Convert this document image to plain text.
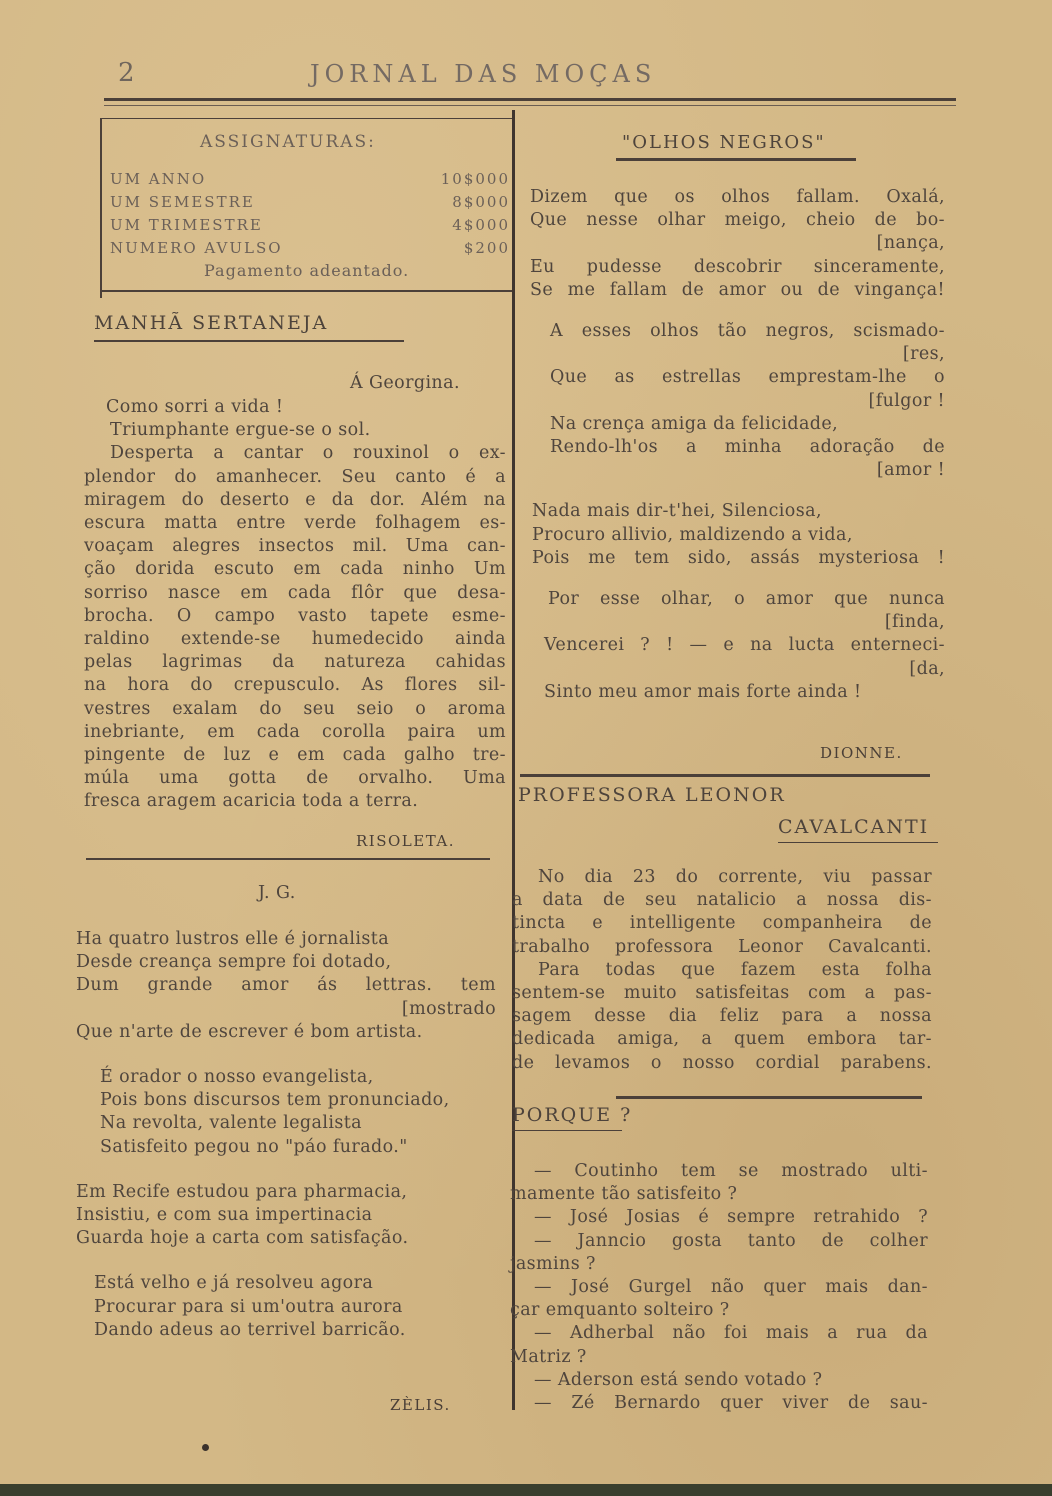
2	JORNAL DAS MOÇAS
ASSIGNATURAS:
UM ANNO	10$000
UM SEMESTRE	8$000
UM TRIMESTRE	4$000
NUMERO AVULSO	$200
Pagamento adeantado.
MANHÃ SERTANEJA
Á Georgina.
Como sorri a vida !
Triumphante ergue-se o sol.
Desperta a cantar o rouxinol o ex-
plendor do amanhecer. Seu canto é a
miragem do deserto e da dor. Além na
escura matta entre verde folhagem es-
voaçam alegres insectos mil. Uma can-
ção dorida escuto em cada ninho Um
sorriso nasce em cada flôr que desa-
brocha. O campo vasto tapete esme-
raldino extende-se humedecido ainda
pelas lagrimas da natureza cahidas
na hora do crepusculo. As flores sil-
vestres exalam do seu seio o aroma
inebriante, em cada corolla paira um
pingente de luz e em cada galho tre-
múla uma gotta de orvalho. Uma
fresca aragem acaricia toda a terra.
RISOLETA.
J. G.
Ha quatro lustros elle é jornalista
Desde creança sempre foi dotado,
Dum grande amor ás lettras. tem
[mostrado
Que n'arte de escrever é bom artista.
É orador o nosso evangelista,
Pois bons discursos tem pronunciado,
Na revolta, valente legalista
Satisfeito pegou no "páo furado."
Em Recife estudou para pharmacia,
Insistiu, e com sua impertinacia
Guarda hoje a carta com satisfação.
Está velho e já resolveu agora
Procurar para si um'outra aurora
Dando adeus ao terrivel barricão.
ZÈLIS.
"OLHOS NEGROS"
Dizem que os olhos fallam. Oxalá,
Que nesse olhar meigo, cheio de bo-
[nança,
Eu pudesse descobrir sinceramente,
Se me fallam de amor ou de vingança!
A esses olhos tão negros, scismado-
[res,
Que as estrellas emprestam-lhe o
[fulgor !
Na crença amiga da felicidade,
Rendo-lh'os a minha adoração de
[amor !
Nada mais dir-t'hei, Silenciosa,
Procuro allivio, maldizendo a vida,
Pois me tem sido, assás mysteriosa !
Por esse olhar, o amor que nunca
[finda,
Vencerei ? ! — e na lucta enterneci-
[da,
Sinto meu amor mais forte ainda !
DIONNE.
PROFESSORA LEONOR
CAVALCANTI
No dia 23 do corrente, viu passar
a data de seu natalicio a nossa dis-
tincta e intelligente companheira de
trabalho professora Leonor Cavalcanti.
Para todas que fazem esta folha
sentem-se muito satisfeitas com a pas-
sagem desse dia feliz para a nossa
dedicada amiga, a quem embora tar-
de levamos o nosso cordial parabens.
PORQUE ?
— Coutinho tem se mostrado ulti-
mamente tão satisfeito ?
— José Josias é sempre retrahido ?
— Janncio gosta tanto de colher
jasmins ?
— José Gurgel não quer mais dan-
çar emquanto solteiro ?
— Adherbal não foi mais a rua da
Matriz ?
— Aderson está sendo votado ?
— Zé Bernardo quer viver de sau-
